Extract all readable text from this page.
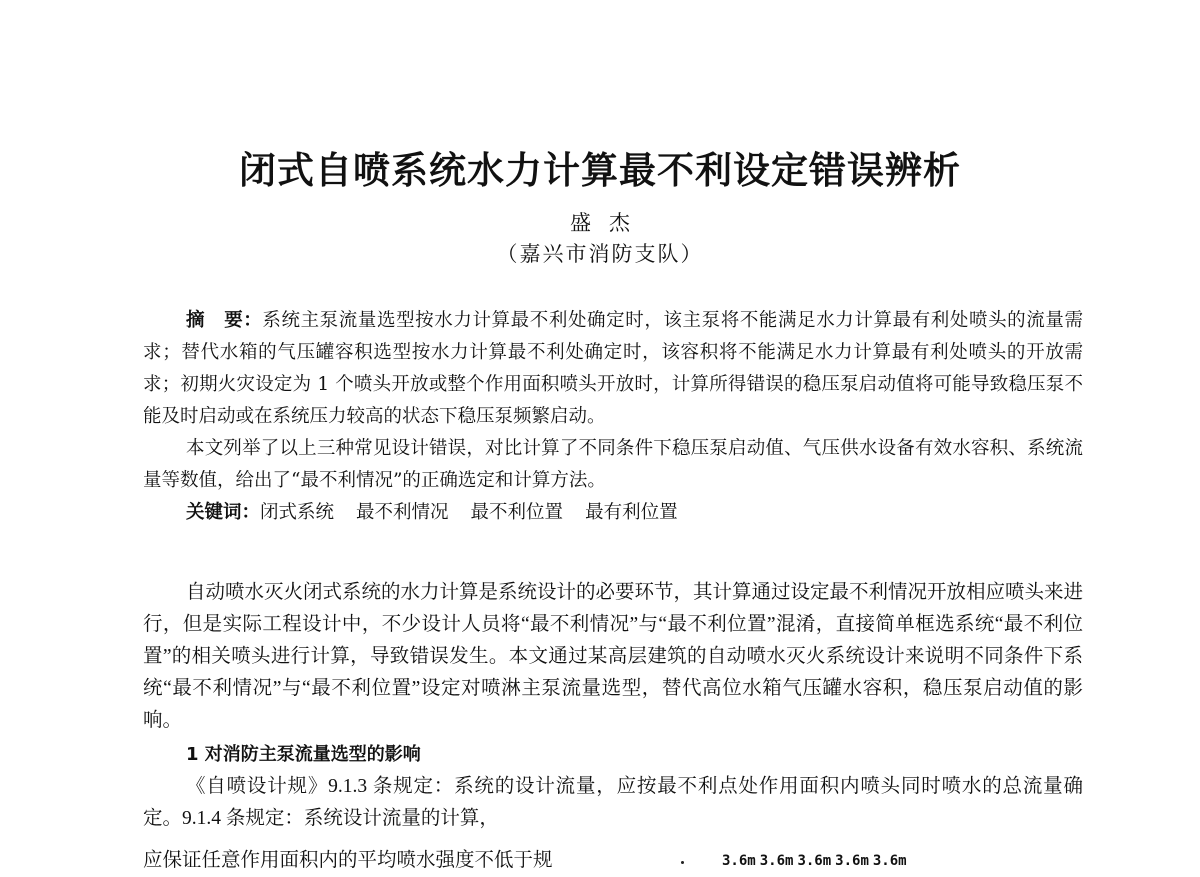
闭式自喷系统水力计算最不利设定错误辨析
盛杰
（嘉兴市消防支队）

摘　要：系统主泵流量选型按水力计算最不利处确定时，该主泵将不能满足水力计算最有利处喷头的流量需求；替代水箱的气压罐容积选型按水力计算最不利处确定时，该容积将不能满足水力计算最有利处喷头的开放需求；初期火灾设定为 1 个喷头开放或整个作用面积喷头开放时，计算所得错误的稳压泵启动值将可能导致稳压泵不能及时启动或在系统压力较高的状态下稳压泵频繁启动。

本文列举了以上三种常见设计错误，对比计算了不同条件下稳压泵启动值、气压供水设备有效水容积、系统流量等数值，给出了“最不利情况”的正确选定和计算方法。

关键词：闭式系统 最不利情况 最不利位置 最有利位置

自动喷水灭火闭式系统的水力计算是系统设计的必要环节，其计算通过设定最不利情况开放相应喷头来进行，但是实际工程设计中，不少设计人员将“最不利情况”与“最不利位置”混淆，直接简单框选系统“最不利位置”的相关喷头进行计算，导致错误发生。本文通过某高层建筑的自动喷水灭火系统设计来说明不同条件下系统“最不利情况”与“最不利位置”设定对喷淋主泵流量选型，替代高位水箱气压罐水容积，稳压泵启动值的影响。

1 对消防主泵流量选型的影响

《自喷设计规》9.1.3 条规定：系统的设计流量，应按最不利点处作用面积内喷头同时喷水的总流量确定。9.1.4 条规定：系统设计流量的计算，

应保证任意作用面积内的平均喷水强度不低于规	3.6m 3.6m 3.6m 3.6m 3.6m
